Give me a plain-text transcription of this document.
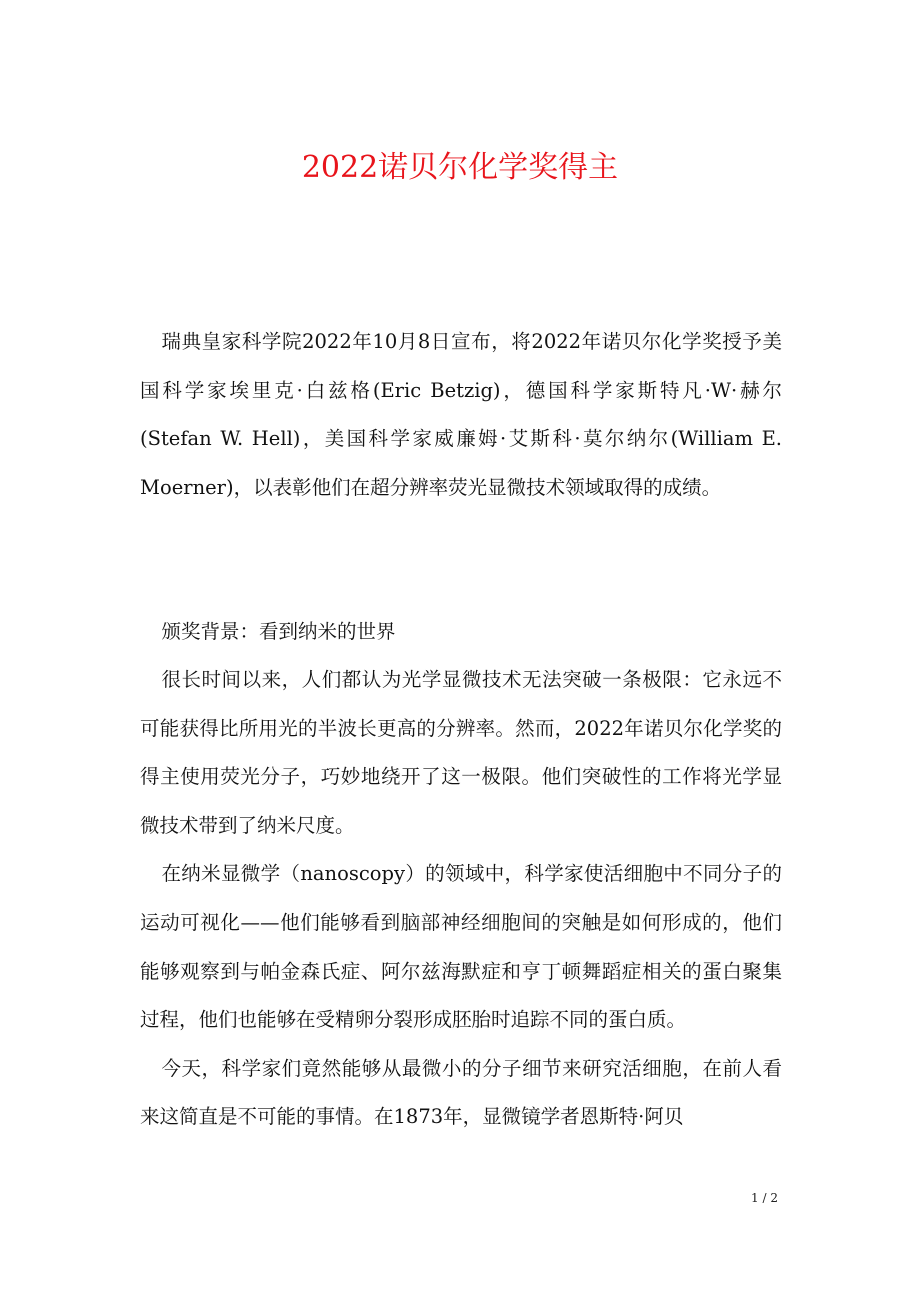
2022诺贝尔化学奖得主

瑞典皇家科学院2022年10月8日宣布，将2022年诺贝尔化学奖授予美国科学家埃里克·白兹格(Eric Betzig)，德国科学家斯特凡·W·赫尔(Stefan W. Hell)，美国科学家威廉姆·艾斯科·莫尔纳尔(William E. Moerner)，以表彰他们在超分辨率荧光显微技术领域取得的成绩。

颁奖背景：看到纳米的世界

很长时间以来，人们都认为光学显微技术无法突破一条极限：它永远不可能获得比所用光的半波长更高的分辨率。然而，2022年诺贝尔化学奖的得主使用荧光分子，巧妙地绕开了这一极限。他们突破性的工作将光学显微技术带到了纳米尺度。

在纳米显微学（nanoscopy）的领域中，科学家使活细胞中不同分子的运动可视化——他们能够看到脑部神经细胞间的突触是如何形成的，他们能够观察到与帕金森氏症、阿尔兹海默症和亨丁顿舞蹈症相关的蛋白聚集过程，他们也能够在受精卵分裂形成胚胎时追踪不同的蛋白质。

今天，科学家们竟然能够从最微小的分子细节来研究活细胞，在前人看来这简直是不可能的事情。在1873年，显微镜学者恩斯特·阿贝

1 / 2
